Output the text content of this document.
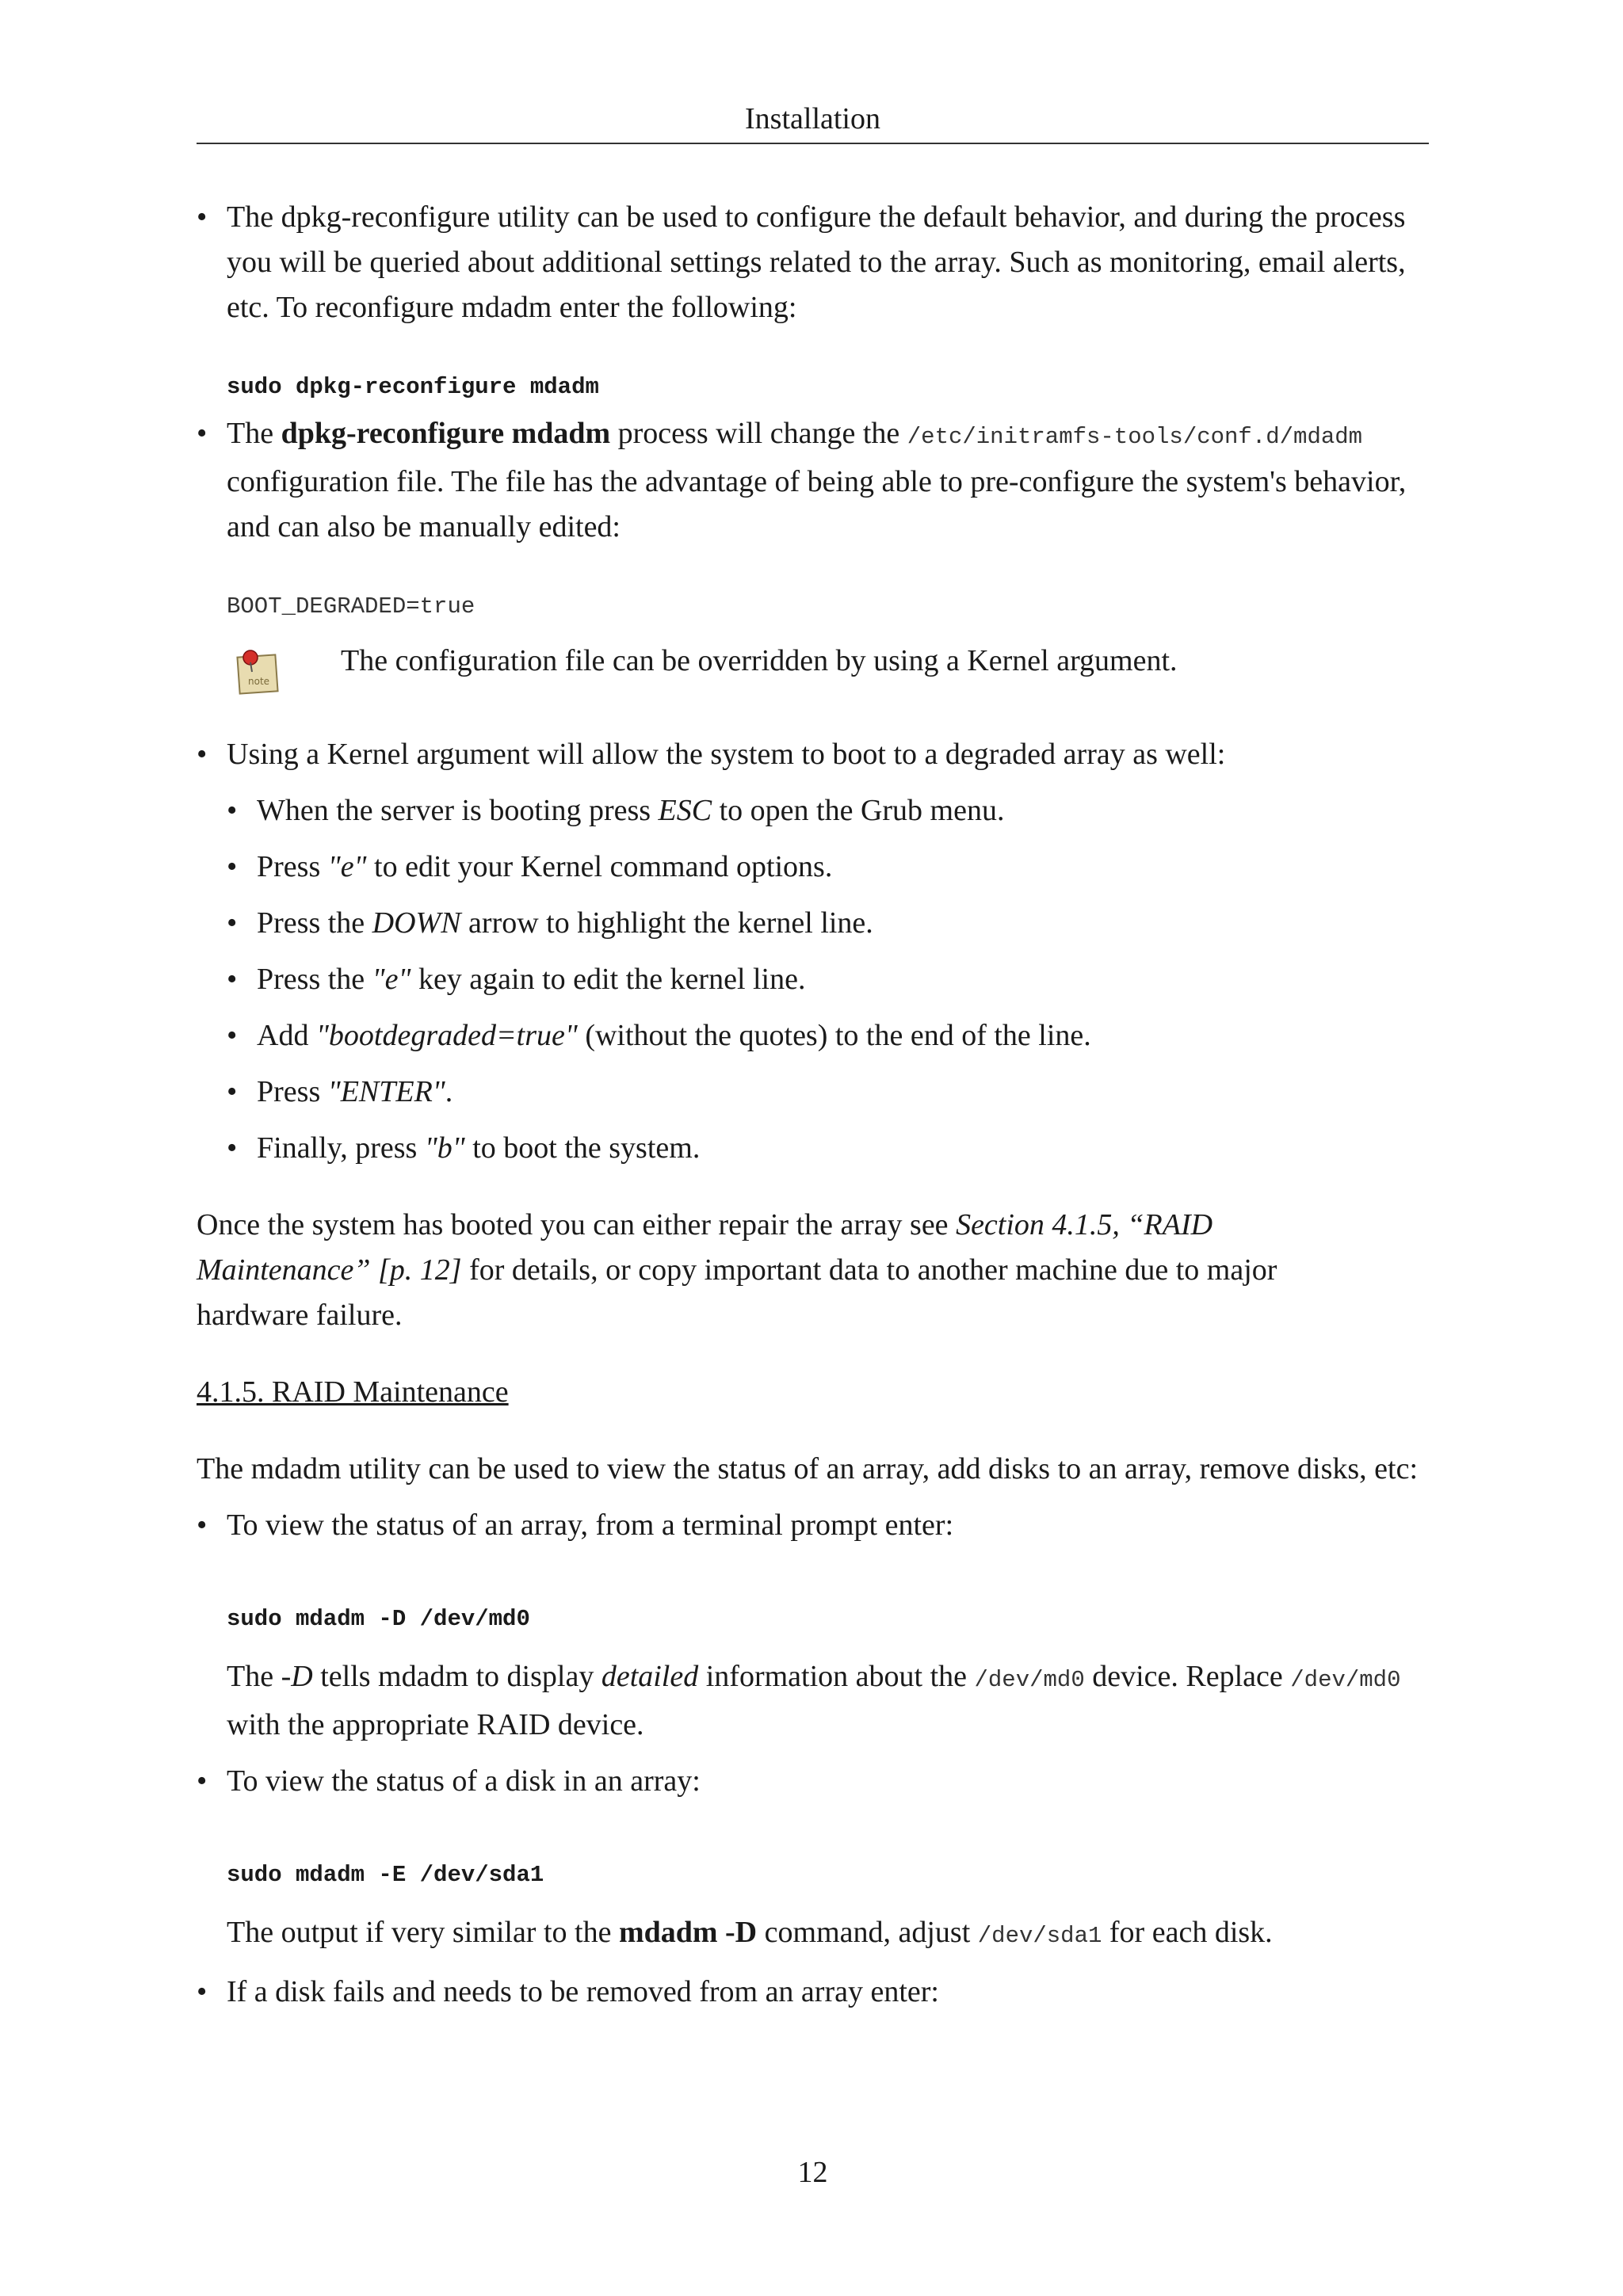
Installation
• The dpkg-reconfigure utility can be used to configure the default behavior, and during the process you will be queried about additional settings related to the array. Such as monitoring, email alerts, etc. To reconfigure mdadm enter the following:
sudo dpkg-reconfigure mdadm
• The dpkg-reconfigure mdadm process will change the /etc/initramfs-tools/conf.d/mdadm configuration file. The file has the advantage of being able to pre-configure the system's behavior, and can also be manually edited:
BOOT_DEGRADED=true
note
The configuration file can be overridden by using a Kernel argument.
• Using a Kernel argument will allow the system to boot to a degraded array as well:
• When the server is booting press ESC to open the Grub menu.
• Press "e" to edit your Kernel command options.
• Press the DOWN arrow to highlight the kernel line.
• Press the "e" key again to edit the kernel line.
• Add "bootdegraded=true" (without the quotes) to the end of the line.
• Press "ENTER".
• Finally, press "b" to boot the system.

Once the system has booted you can either repair the array see Section 4.1.5, “RAID Maintenance” [p. 12] for details, or copy important data to another machine due to major hardware failure.

4.1.5. RAID Maintenance

The mdadm utility can be used to view the status of an array, add disks to an array, remove disks, etc:

• To view the status of an array, from a terminal prompt enter:
sudo mdadm -D /dev/md0
The -D tells mdadm to display detailed information about the /dev/md0 device. Replace /dev/md0 with the appropriate RAID device.
• To view the status of a disk in an array:
sudo mdadm -E /dev/sda1
The output if very similar to the mdadm -D command, adjust /dev/sda1 for each disk.
• If a disk fails and needs to be removed from an array enter:
12
